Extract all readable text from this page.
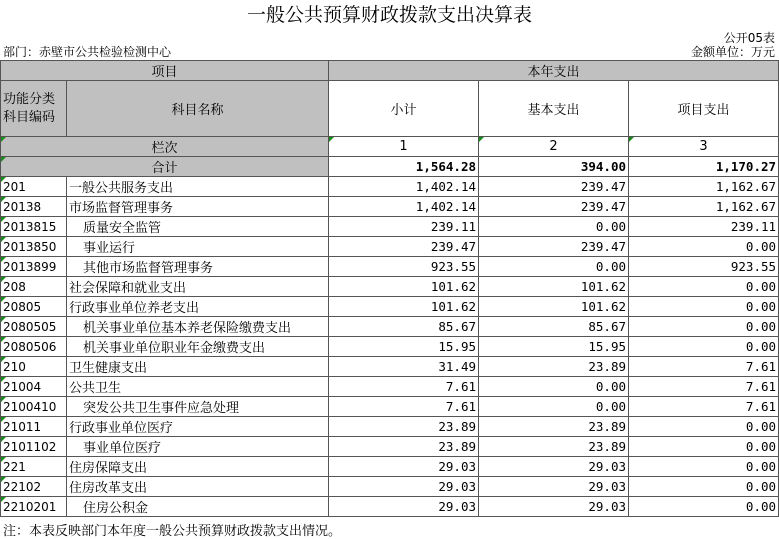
一般公共预算财政拨款支出决算表
公开05表
部门：赤壁市公共检验检测中心	金额单位：万元
项目		本年支出		
功能分类
科目编码	科目名称	小计	基本支出	项目支出
栏次		1	2	3
合计		1,564.28	394.00	1,170.27
201	一般公共服务支出	1,402.14	239.47	1,162.67
20138	市场监督管理事务	1,402.14	239.47	1,162.67
2013815	质量安全监管	239.11	0.00	239.11
2013850	事业运行	239.47	239.47	0.00
2013899	其他市场监督管理事务	923.55	0.00	923.55
208	社会保障和就业支出	101.62	101.62	0.00
20805	行政事业单位养老支出	101.62	101.62	0.00
2080505	机关事业单位基本养老保险缴费支出	85.67	85.67	0.00
2080506	机关事业单位职业年金缴费支出	15.95	15.95	0.00
210	卫生健康支出	31.49	23.89	7.61
21004	公共卫生	7.61	0.00	7.61
2100410	突发公共卫生事件应急处理	7.61	0.00	7.61
21011	行政事业单位医疗	23.89	23.89	0.00
2101102	事业单位医疗	23.89	23.89	0.00
221	住房保障支出	29.03	29.03	0.00
22102	住房改革支出	29.03	29.03	0.00
2210201	住房公积金	29.03	29.03	0.00
注：本表反映部门本年度一般公共预算财政拨款支出情况。
